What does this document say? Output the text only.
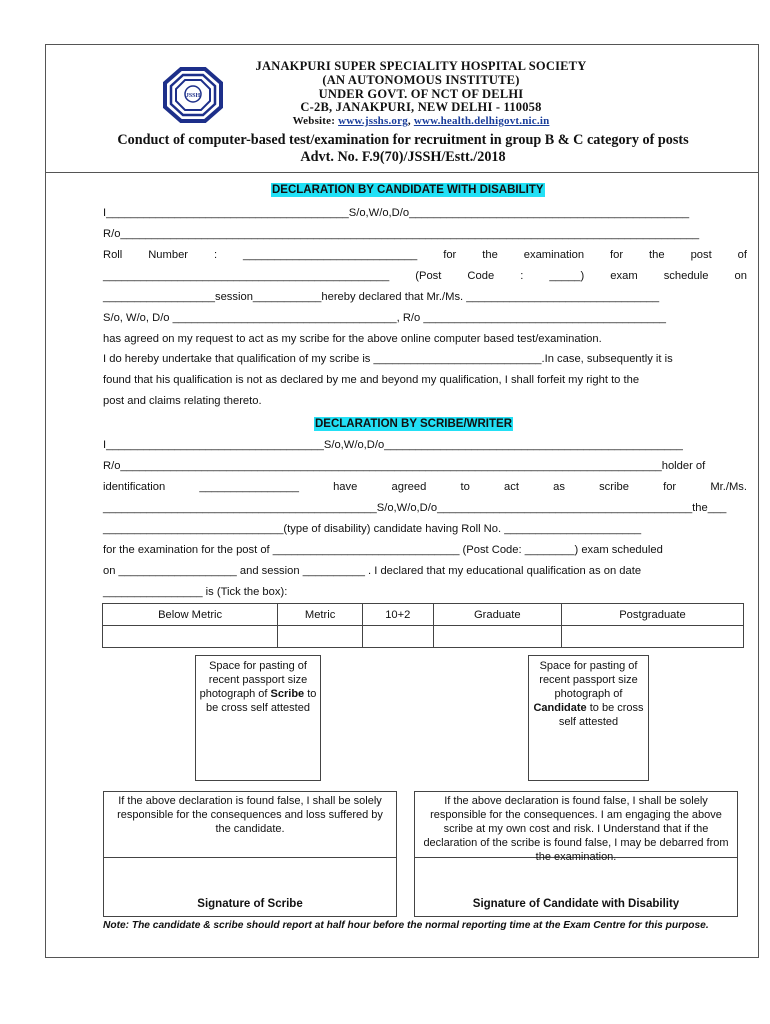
JSSH
JANAKPURI SUPER SPECIALITY HOSPITAL SOCIETY
(AN AUTONOMOUS INSTITUTE)
UNDER GOVT. OF NCT OF DELHI
C-2B, JANAKPURI, NEW DELHI - 110058
Website: www.jsshs.org, www.health.delhigovt.nic.in
Conduct of computer-based test/examination for recruitment in group B & C category of posts
Advt. No. F.9(70)/JSSH/Estt./2018
DECLARATION BY CANDIDATE WITH DISABILITY
I_______________________________________S/o,W/o,D/o_____________________________________________
R/o_____________________________________________________________________________________________
Roll Number : ____________________________ for the examination for the post of
______________________________________________ (Post Code : _____) exam schedule on
__________________session___________hereby declared that Mr./Ms. _______________________________
S/o, W/o, D/o ____________________________________, R/o _______________________________________
has agreed on my request to act as my scribe for the above online computer based test/examination.
I do hereby undertake that qualification of my scribe is ___________________________.In case, subsequently it is
found that his qualification is not as declared by me and beyond my qualification, I shall forfeit my right to the
post and claims relating thereto.
DECLARATION BY SCRIBE/WRITER
I___________________________________S/o,W/o,D/o________________________________________________
R/o_______________________________________________________________________________________holder of
identification ________________ have agreed to act as scribe for Mr./Ms.
____________________________________________S/o,W/o,D/o_________________________________________the___
_____________________________(type of disability) candidate having Roll No. ______________________
for the examination for the post of ______________________________ (Post Code: ________) exam scheduled
on ___________________ and session __________ . I declared that my educational qualification as on date
________________ is (Tick the box):
Below Metric	Metric	10+2	Graduate	Postgraduate

Space for pasting of recent passport size photograph of Scribe to be cross self attested
Space for pasting of recent passport size photograph of Candidate to be cross self attested
If the above declaration is found false, I shall be solely responsible for the consequences and loss suffered by the candidate.
Signature of Scribe
If the above declaration is found false, I shall be solely responsible for the consequences. I am engaging the above scribe at my own cost and risk. I Understand that if the declaration of the scribe is found false, I may be debarred from the examination.
Signature of Candidate with Disability
Note: The candidate & scribe should report at half hour before the normal reporting time at the Exam Centre for this purpose.
